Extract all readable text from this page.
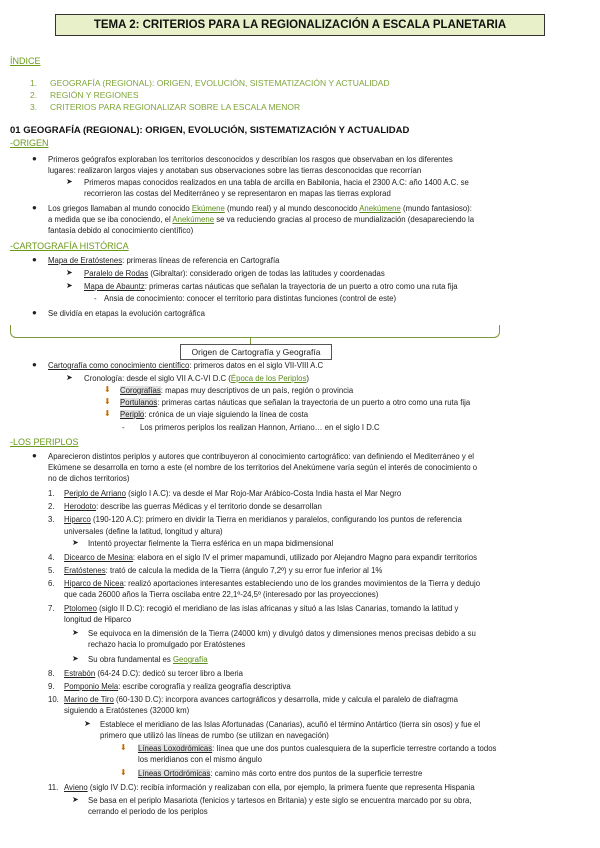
TEMA 2: CRITERIOS PARA LA REGIONALIZACIÓN A ESCALA PLANETARIA
ÍNDICE
1. GEOGRAFÍA (REGIONAL): ORIGEN, EVOLUCIÓN, SISTEMATIZACIÓN Y ACTUALIDAD
2. REGIÓN Y REGIONES
3. CRITERIOS PARA REGIONALIZAR SOBRE LA ESCALA MENOR
01 GEOGRAFÍA (REGIONAL): ORIGEN, EVOLUCIÓN, SISTEMATIZACIÓN Y ACTUALIDAD
-ORIGEN
● Primeros geógrafos exploraban los territorios desconocidos y describían los rasgos que observaban en los diferentes
lugares: realizaron largos viajes y anotaban sus observaciones sobre las tierras desconocidas que recorrían
➤ Primeros mapas conocidos realizados en una tabla de arcilla en Babilonia, hacia el 2300 A.C: año 1400 A.C. se
recorrieron las costas del Mediterráneo y se representaron en mapas las tierras explorad
● Los griegos llamaban al mundo conocido Ekúmene (mundo real) y al mundo desconocido Anekúmene (mundo fantasioso):
a medida que se iba conociendo, el Anekúmene se va reduciendo gracias al proceso de mundialización (desapareciendo la
fantasía debido al conocimiento científico)
-CARTOGRAFÍA HISTÓRICA
● Mapa de Eratóstenes: primeras líneas de referencia en Cartografía
➤ Paralelo de Rodas (Gibraltar): considerado origen de todas las latitudes y coordenadas
➤ Mapa de Abauntz: primeras cartas náuticas que señalan la trayectoria de un puerto a otro como una ruta fija
- Ansia de conocimiento: conocer el territorio para distintas funciones (control de este)
● Se dividía en etapas la evolución cartográfica
Origen de Cartografía y Geografía
● Cartografía como conocimiento científico: primeros datos en el siglo VII-VIII A.C
➤ Cronología: desde el siglo VII A.C-VI D.C (Época de los Periplos)
⬇ Corografías: mapas muy descriptivos de un país, región o provincia
⬇ Portulanos: primeras cartas náuticas que señalan la trayectoria de un puerto a otro como una ruta fija
⬇ Periplo: crónica de un viaje siguiendo la línea de costa
- Los primeros periplos los realizan Hannon, Arriano… en el siglo I D.C
-LOS PERIPLOS
● Aparecieron distintos periplos y autores que contribuyeron al conocimiento cartográfico: van definiendo el Mediterráneo y el
Ekúmene se desarrolla en torno a este (el nombre de los territorios del Anekúmene varía según el interés de conocimiento o
no de dichos territorios)
1. Periplo de Arriano (siglo I A.C): va desde el Mar Rojo-Mar Arábico-Costa India hasta el Mar Negro
2. Herodoto: describe las guerras Médicas y el territorio donde se desarrollan
3. Hiparco (190-120 A.C): primero en dividir la Tierra en meridianos y paralelos, configurando los puntos de referencia
universales (define la latitud, longitud y altura)
➤ Intentó proyectar fielmente la Tierra esférica en un mapa bidimensional
4. Dicearco de Mesina: elabora en el siglo IV el primer mapamundi, utilizado por Alejandro Magno para expandir territorios
5. Eratóstenes: trató de calcula la medida de la Tierra (ángulo 7,2º) y su error fue inferior al 1%
6. Hiparco de Nicea: realizó aportaciones interesantes estableciendo uno de los grandes movimientos de la Tierra y dedujo
que cada 26000 años la Tierra oscilaba entre 22,1º-24,5º (interesado por las proyecciones)
7. Ptolomeo (siglo II D.C): recogió el meridiano de las islas africanas y situó a las Islas Canarias, tomando la latitud y
longitud de Hiparco
➤ Se equivoca en la dimensión de la Tierra (24000 km) y divulgó datos y dimensiones menos precisas debido a su
rechazo hacia lo promulgado por Eratóstenes
➤ Su obra fundamental es Geografía
8. Estrabón (64-24 D.C): dedicó su tercer libro a Iberia
9. Pomponio Mela: escribe corografía y realiza geografía descriptiva
10. Marino de Tiro (60-130 D.C): incorpora avances cartográficos y desarrolla, mide y calcula el paralelo de diafragma
siguiendo a Eratóstenes (32000 km)
➤ Establece el meridiano de las Islas Afortunadas (Canarias), acuñó el término Antártico (tierra sin osos) y fue el
primero que utilizó las líneas de rumbo (se utilizan en navegación)
⬇ Líneas Loxodrómicas: línea que une dos puntos cualesquiera de la superficie terrestre cortando a todos
los meridianos con el mismo ángulo
⬇ Líneas Ortodrómicas: camino más corto entre dos puntos de la superficie terrestre
11. Avieno (siglo IV D.C): recibía información y realizaban con ella, por ejemplo, la primera fuente que representa Hispania
➤ Se basa en el periplo Masariota (fenicios y tartesos en Britania) y este siglo se encuentra marcado por su obra,
cerrando el periodo de los periplos
